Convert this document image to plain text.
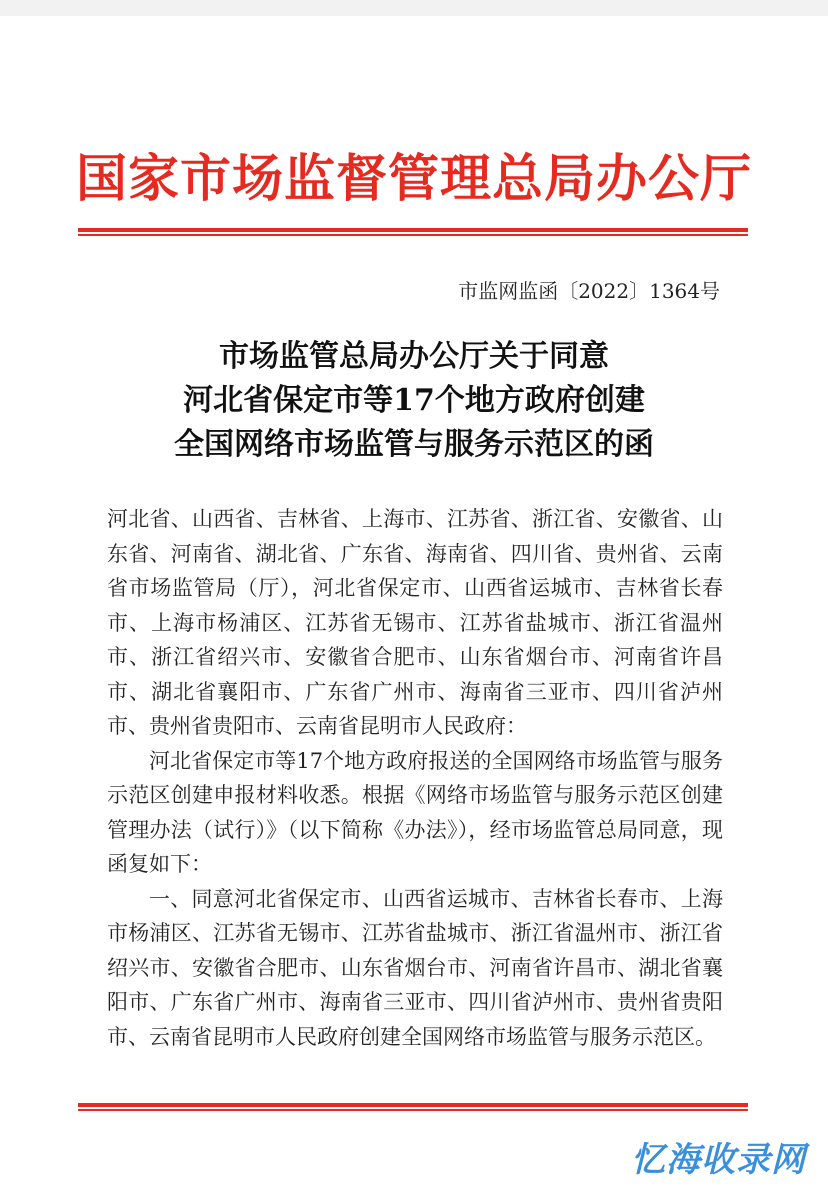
国家市场监督管理总局办公厅
市监网监函〔2022〕1364号
市场监管总局办公厅关于同意
河北省保定市等17个地方政府创建
全国网络市场监管与服务示范区的函

河北省、山西省、吉林省、上海市、江苏省、浙江省、安徽省、山东省、河南省、湖北省、广东省、海南省、四川省、贵州省、云南省市场监管局（厅），河北省保定市、山西省运城市、吉林省长春市、上海市杨浦区、江苏省无锡市、江苏省盐城市、浙江省温州市、浙江省绍兴市、安徽省合肥市、山东省烟台市、河南省许昌市、湖北省襄阳市、广东省广州市、海南省三亚市、四川省泸州市、贵州省贵阳市、云南省昆明市人民政府：

河北省保定市等17个地方政府报送的全国网络市场监管与服务示范区创建申报材料收悉。根据《网络市场监管与服务示范区创建管理办法（试行）》（以下简称《办法》），经市场监管总局同意，现函复如下：

一、同意河北省保定市、山西省运城市、吉林省长春市、上海市杨浦区、江苏省无锡市、江苏省盐城市、浙江省温州市、浙江省绍兴市、安徽省合肥市、山东省烟台市、河南省许昌市、湖北省襄阳市、广东省广州市、海南省三亚市、四川省泸州市、贵州省贵阳市、云南省昆明市人民政府创建全国网络市场监管与服务示范区。

忆海收录网
